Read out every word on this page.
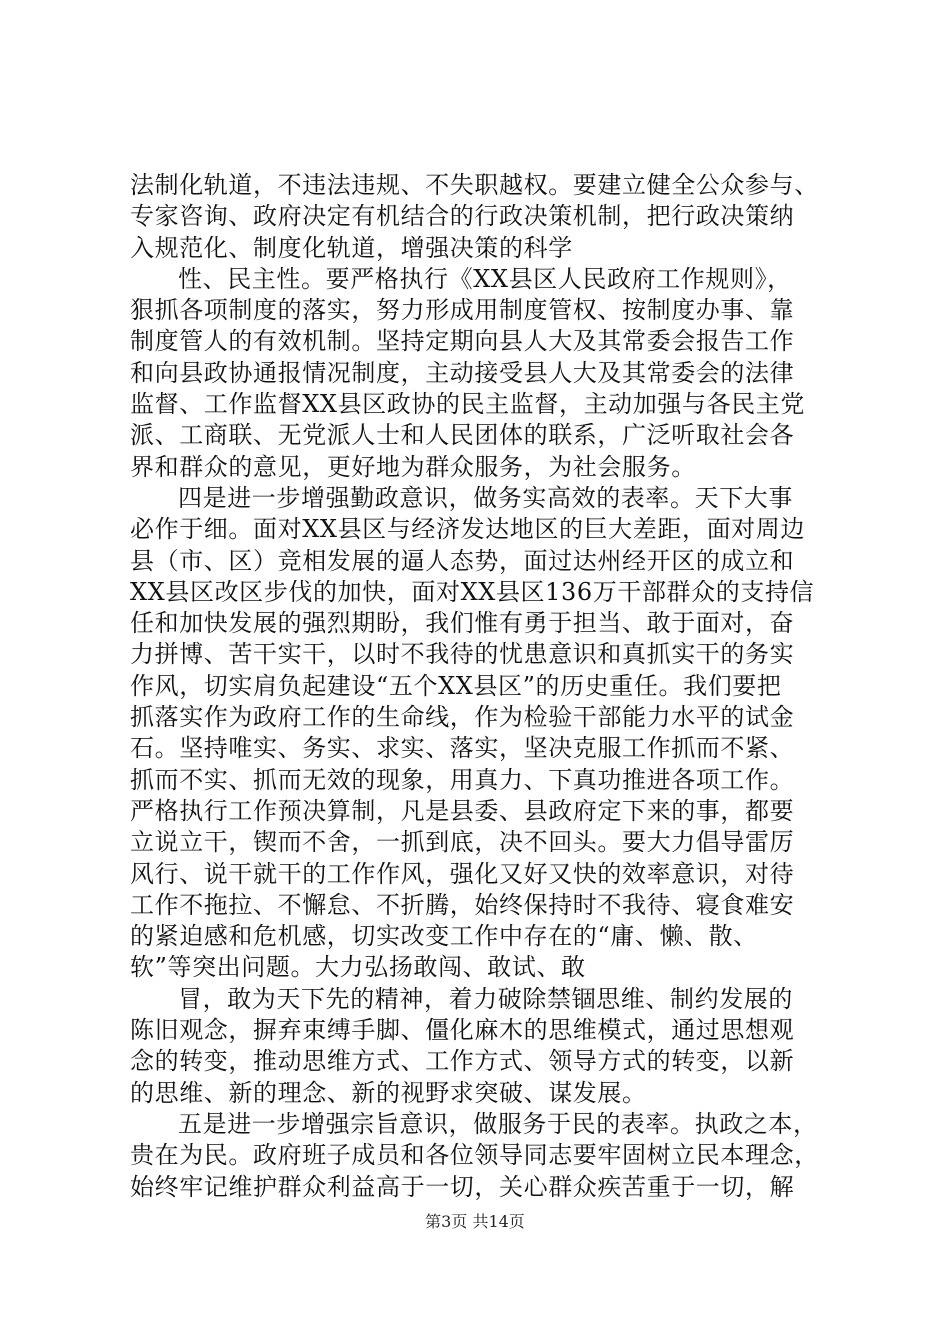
法制化轨道，不违法违规、不失职越权。要建立健全公众参与、
专家咨询、政府决定有机结合的行政决策机制，把行政决策纳
入规范化、制度化轨道，增强决策的科学
性、民主性。要严格执行《XX县区人民政府工作规则》，
狠抓各项制度的落实，努力形成用制度管权、按制度办事、靠
制度管人的有效机制。坚持定期向县人大及其常委会报告工作
和向县政协通报情况制度，主动接受县人大及其常委会的法律
监督、工作监督XX县区政协的民主监督，主动加强与各民主党
派、工商联、无党派人士和人民团体的联系，广泛听取社会各
界和群众的意见，更好地为群众服务，为社会服务。
四是进一步增强勤政意识，做务实高效的表率。天下大事
必作于细。面对XX县区与经济发达地区的巨大差距，面对周边
县（市、区）竞相发展的逼人态势，面过达州经开区的成立和
XX县区改区步伐的加快，面对XX县区136万干部群众的支持信
任和加快发展的强烈期盼，我们惟有勇于担当、敢于面对，奋
力拼博、苦干实干，以时不我待的忧患意识和真抓实干的务实
作风，切实肩负起建设“五个XX县区”的历史重任。我们要把
抓落实作为政府工作的生命线，作为检验干部能力水平的试金
石。坚持唯实、务实、求实、落实，坚决克服工作抓而不紧、
抓而不实、抓而无效的现象，用真力、下真功推进各项工作。
严格执行工作预决算制，凡是县委、县政府定下来的事，都要
立说立干，锲而不舍，一抓到底，决不回头。要大力倡导雷厉
风行、说干就干的工作作风，强化又好又快的效率意识，对待
工作不拖拉、不懈怠、不折腾，始终保持时不我待、寝食难安
的紧迫感和危机感，切实改变工作中存在的“庸、懒、散、
软”等突出问题。大力弘扬敢闯、敢试、敢
冒，敢为天下先的精神，着力破除禁锢思维、制约发展的
陈旧观念，摒弃束缚手脚、僵化麻木的思维模式，通过思想观
念的转变，推动思维方式、工作方式、领导方式的转变，以新
的思维、新的理念、新的视野求突破、谋发展。
五是进一步增强宗旨意识，做服务于民的表率。执政之本，
贵在为民。政府班子成员和各位领导同志要牢固树立民本理念，
始终牢记维护群众利益高于一切，关心群众疾苦重于一切，解
第3页 共14页
